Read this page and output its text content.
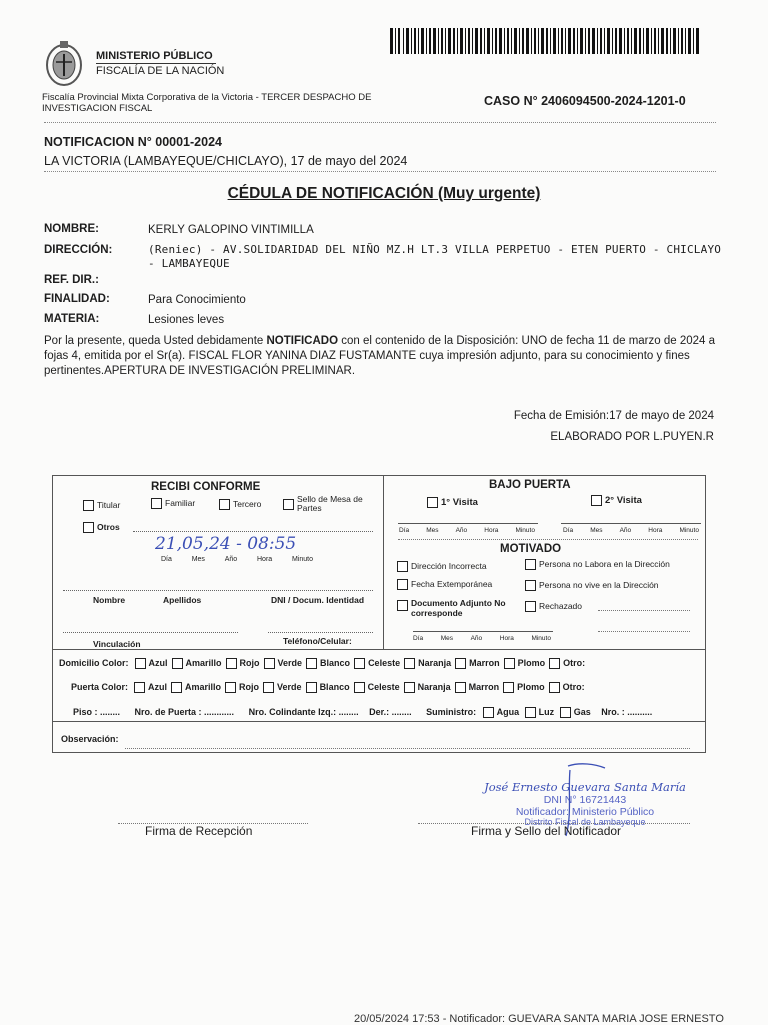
MINISTERIO PÚBLICO
FISCALÍA DE LA NACIÓN
Fiscalía Provincial Mixta Corporativa de la Victoria - TERCER DESPACHO DE INVESTIGACION FISCAL
CASO N° 2406094500-2024-1201-0
NOTIFICACION N° 00001-2024
LA VICTORIA (LAMBAYEQUE/CHICLAYO), 17 de mayo del 2024
CÉDULA DE NOTIFICACIÓN (Muy urgente)
NOMBRE:	KERLY GALOPINO VINTIMILLA
DIRECCIÓN:	(Reniec) - AV.SOLIDARIDAD DEL NIÑO MZ.H LT.3 VILLA PERPETUO - ETEN PUERTO - CHICLAYO - LAMBAYEQUE
REF. DIR.:
FINALIDAD:	Para Conocimiento
MATERIA:	Lesiones leves
Por la presente, queda Usted debidamente NOTIFICADO con el contenido de la Disposición: UNO de fecha 11 de marzo de 2024 a fojas 4, emitida por el Sr(a). FISCAL FLOR YANINA DIAZ FUSTAMANTE cuya impresión adjunto, para su conocimiento y fines pertinentes.APERTURA DE INVESTIGACIÓN PRELIMINAR.
Fecha de Emisión:17 de mayo de 2024
ELABORADO POR L.PUYEN.R
RECIBI CONFORME
Titular	Familiar	Tercero	Sello de Mesa de Partes
Otros
21,05,24 - 08:55
Día	Mes	Año	Hora	Minuto
Nombre	Apellidos	DNI / Docum. Identidad
Vinculación	Teléfono/Celular:
BAJO PUERTA
1° Visita	2° Visita
Día	Mes	Año	Hora	Minuto	Día	Mes	Año	Hora	Minuto
MOTIVADO
Dirección Incorrecta	Persona no Labora en la Dirección
Fecha Extemporánea	Persona no vive en la Dirección
Documento Adjunto No corresponde
Rechazado
Día	Mes	Año	Hora	Minuto
Domicilio Color: Azul Amarillo Rojo Verde Blanco Celeste Naranja Marron Plomo Otro:
Puerta Color: Azul Amarillo Rojo Verde Blanco Celeste Naranja Marron Plomo Otro:
Piso : ........ Nro. de Puerta : ............ Nro. Colindante Izq.: ........ Der.: ........ Suministro: Agua Luz Gas Nro. : ..........
Observación:
Firma de Recepción
José Ernesto Guevara Santa María
DNI N° 16721443
Notificador: Ministerio Público
Distrito Fiscal de Lambayeque
Firma y Sello del Notificador
20/05/2024 17:53 - Notificador: GUEVARA SANTA MARIA JOSE ERNESTO
